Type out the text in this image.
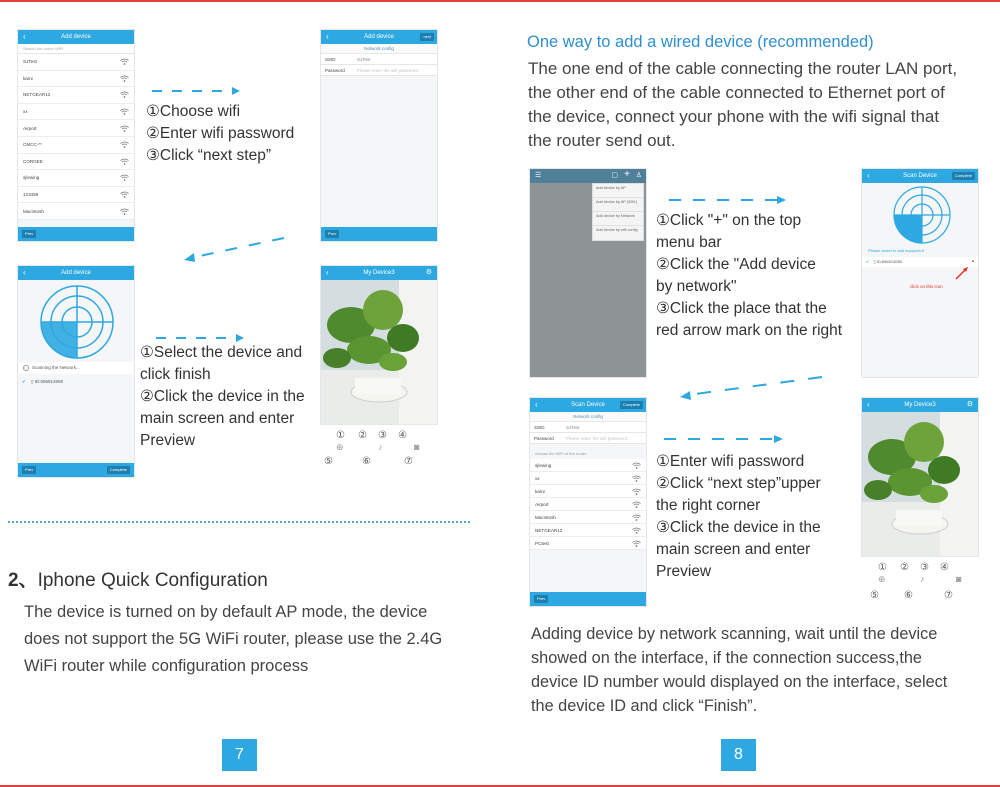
‹	Add device
Search the router WiFi
SJTest
kami
NETGEAR12
xx
Airport
CMCC-**
CORGEE
sjlewing
123456
Macintosh
Prev
①Choose wifi
②Enter wifi password
③Click “next step”
‹	Add device	next
Network config
SSID	SJTest
Password	Please enter the wifi password
Prev
‹	Add device
Scanning the Network...
✔ ▯ ID:656913080
Prev	Complete
①Select the device and
click finish
②Click the device in the
main screen and enter
Preview
‹	My Device3	⚙
① ② ③ ④
⊕	♪	◙
⑤	⑥	⑦
2、Iphone Quick Configuration
The device is turned on by default AP mode, the device
does not support the 5G WiFi router, please use the 2.4G
WiFi router while configuration process
7
One way to add a wired device (recommended)
The one end of the cable connecting the router LAN port,
the other end of the cable connected to Ethernet port of
the device, connect your phone with the wifi signal that
the router send out.
☰	▢ + ♙
Add device by AP
Add device by AP (SDK)
Add device by Network
Add device by wifi config
①Click "+" on the top
menu bar
②Click the "Add device
by network"
③Click the place that the
red arrow mark on the right
‹	Scan Device	Complete
Please select to add equipment
✔ ▯ ID:656913080	▪
click on this icon
‹	Scan Device	Complete
Network config
SSID	SJTest
Password	Please enter the wifi password
choose the WiFi of the router
sjlewing
xx
kami
Airport
Macintosh
NETGEAR12
PCtest
Prev
①Enter wifi password
②Click “next step”upper
the right corner
③Click the device in the
main screen and enter
Preview
‹	My Device3	⚙
① ② ③ ④
⊕	♪	◙
⑤	⑥	⑦
Adding device by network scanning, wait until the device
showed on the interface, if the connection success,the
device ID number would displayed on the interface, select
the device ID and click “Finish”.
8
